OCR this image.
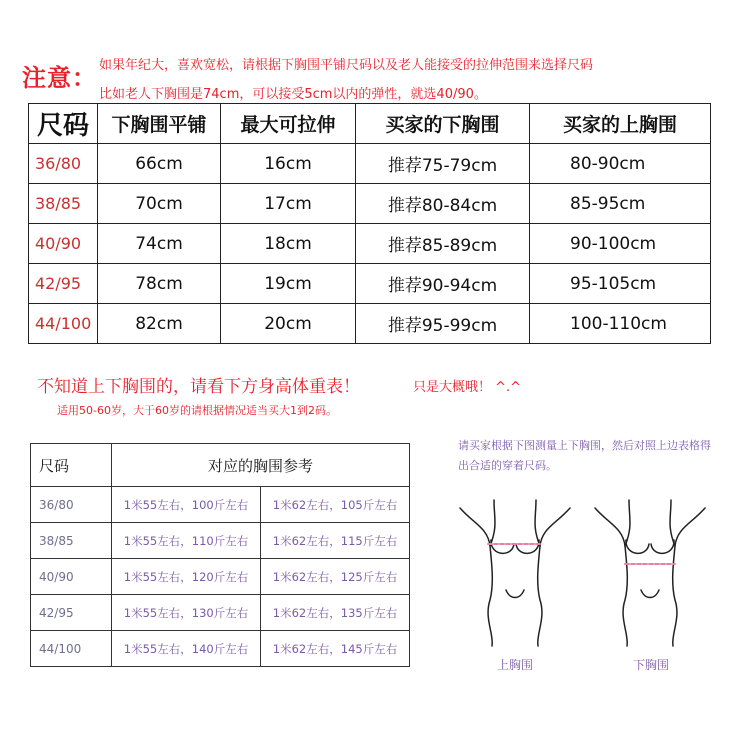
注意： 如果年纪大，喜欢宽松，请根据下胸围平铺尺码以及老人能接受的拉伸范围来选择尺码
比如老人下胸围是74cm，可以接受5cm以内的弹性，就选40/90。
尺码	下胸围平铺	最大可拉伸	买家的下胸围	买家的上胸围
36/80	66cm	16cm	推荐75-79cm	80-90cm
38/85	70cm	17cm	推荐80-84cm	85-95cm
40/90	74cm	18cm	推荐85-89cm	90-100cm
42/95	78cm	19cm	推荐90-94cm	95-105cm
44/100	82cm	20cm	推荐95-99cm	100-110cm
不知道上下胸围的，请看下方身高体重表！	只是大概哦！ ^.^
适用50-60岁，大于60岁的请根据情况适当买大1到2码。
尺码	对应的胸围参考	
36/80	1米55左右，100斤左右	1米62左右，105斤左右
38/85	1米55左右，110斤左右	1米62左右，115斤左右
40/90	1米55左右，120斤左右	1米62左右，125斤左右
42/95	1米55左右，130斤左右	1米62左右，135斤左右
44/100	1米55左右，140斤左右	1米62左右，145斤左右
请买家根据下图测量上下胸围，然后对照上边表格得出合适的穿着尺码。
上胸围	下胸围
